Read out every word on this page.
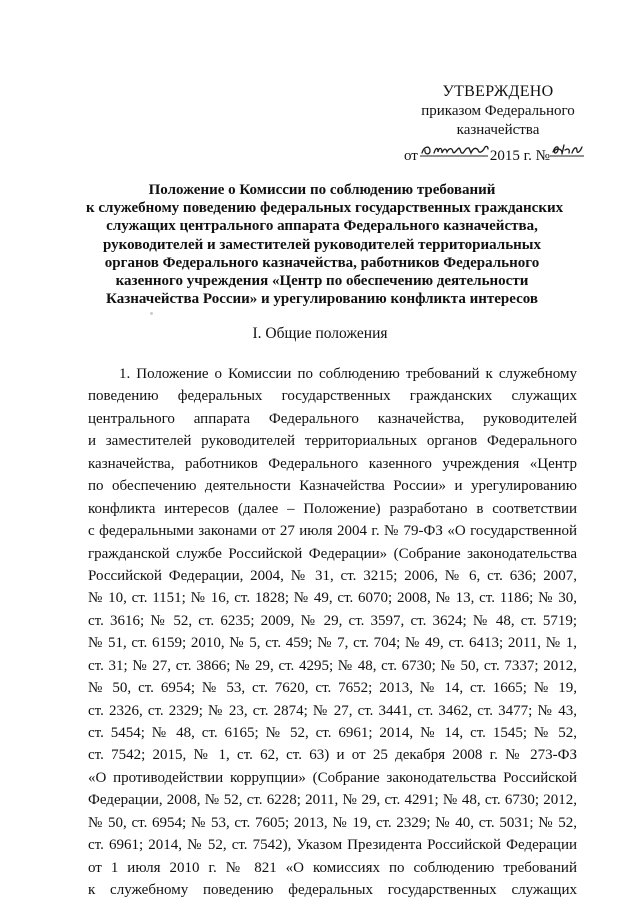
УТВЕРЖДЕНО
приказом Федерального
казначейства
от	2015 г. №
Положение о Комиссии по соблюдению требований
к служебному поведению федеральных государственных гражданских
служащих центрального аппарата Федерального казначейства,
руководителей и заместителей руководителей территориальных
органов Федерального казначейства, работников Федерального
казенного учреждения «Центр по обеспечению деятельности
Казначейства России» и урегулированию конфликта интересов
I. Общие положения
1. Положение о Комиссии по соблюдению требований к служебному
поведению федеральных государственных гражданских служащих
центрального аппарата Федерального казначейства, руководителей
и заместителей руководителей территориальных органов Федерального
казначейства, работников Федерального казенного учреждения «Центр
по обеспечению деятельности Казначейства России» и урегулированию
конфликта интересов (далее – Положение) разработано в соответствии
с федеральными законами от 27 июля 2004 г. № 79-ФЗ «О государственной
гражданской службе Российской Федерации» (Собрание законодательства
Российской Федерации, 2004, № 31, ст. 3215; 2006, № 6, ст. 636; 2007,
№ 10, ст. 1151; № 16, ст. 1828; № 49, ст. 6070; 2008, № 13, ст. 1186; № 30,
ст. 3616; № 52, ст. 6235; 2009, № 29, ст. 3597, ст. 3624; № 48, ст. 5719;
№ 51, ст. 6159; 2010, № 5, ст. 459; № 7, ст. 704; № 49, ст. 6413; 2011, № 1,
ст. 31; № 27, ст. 3866; № 29, ст. 4295; № 48, ст. 6730; № 50, ст. 7337; 2012,
№ 50, ст. 6954; № 53, ст. 7620, ст. 7652; 2013, № 14, ст. 1665; № 19,
ст. 2326, ст. 2329; № 23, ст. 2874; № 27, ст. 3441, ст. 3462, ст. 3477; № 43,
ст. 5454; № 48, ст. 6165; № 52, ст. 6961; 2014, № 14, ст. 1545; № 52,
ст. 7542; 2015, № 1, ст. 62, ст. 63) и от 25 декабря 2008 г. № 273-ФЗ
«О противодействии коррупции» (Собрание законодательства Российской
Федерации, 2008, № 52, ст. 6228; 2011, № 29, ст. 4291; № 48, ст. 6730; 2012,
№ 50, ст. 6954; № 53, ст. 7605; 2013, № 19, ст. 2329; № 40, ст. 5031; № 52,
ст. 6961; 2014, № 52, ст. 7542), Указом Президента Российской Федерации
от 1 июля 2010 г. № 821 «О комиссиях по соблюдению требований
к служебному поведению федеральных государственных служащих
